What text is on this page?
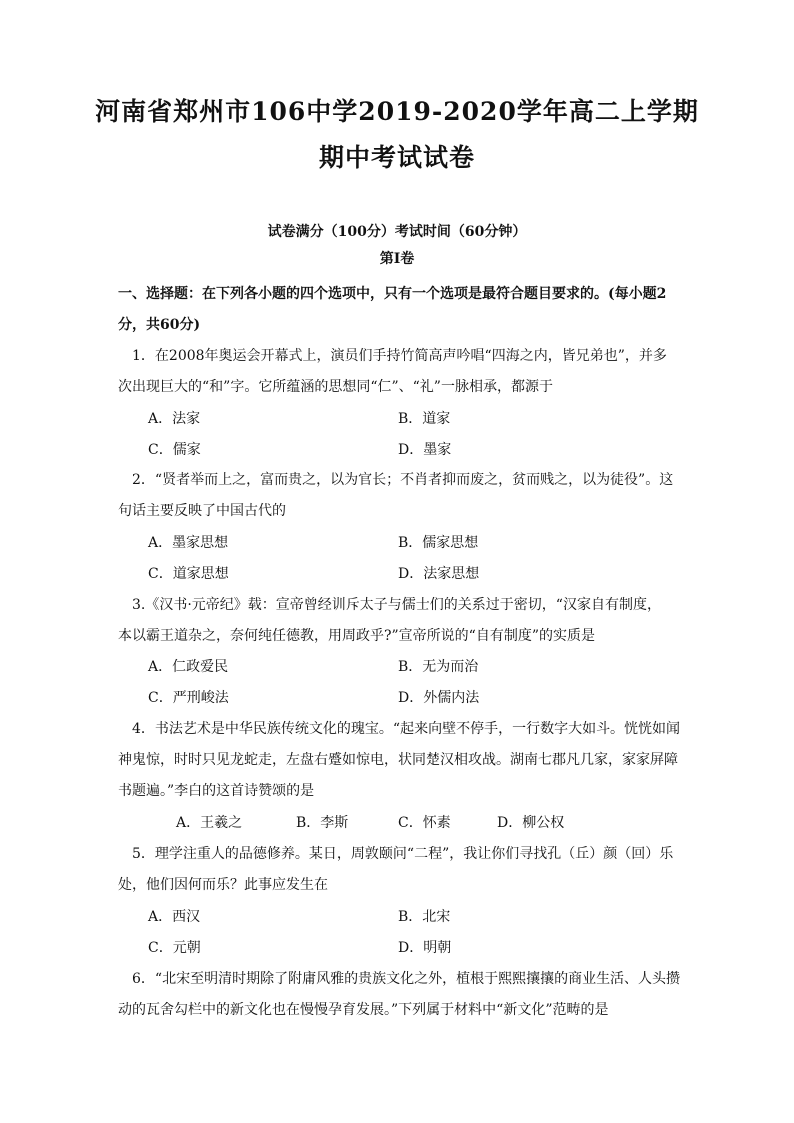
河南省郑州市106中学2019-2020学年高二上学期
期中考试试卷
试卷满分（100分）考试时间（60分钟）
第Ⅰ卷
一、选择题：在下列各小题的四个选项中，只有一个选项是最符合题目要求的。(每小题2
分，共60分)
1．在2008年奥运会开幕式上，演员们手持竹简高声吟唱“四海之内，皆兄弟也”，并多
次出现巨大的“和”字。它所蕴涵的思想同“仁”、“礼”一脉相承，都源于
A．法家	B．道家
C．儒家	D．墨家
2．“贤者举而上之，富而贵之，以为官长；不肖者抑而废之，贫而贱之，以为徒役”。这
句话主要反映了中国古代的
A．墨家思想	B．儒家思想
C．道家思想	D．法家思想
3.《汉书·元帝纪》载：宣帝曾经训斥太子与儒士们的关系过于密切，“汉家自有制度，
本以霸王道杂之，奈何纯任德教，用周政乎?”宣帝所说的“自有制度”的实质是
A．仁政爱民	B．无为而治
C．严刑峻法	D．外儒内法
4．书法艺术是中华民族传统文化的瑰宝。“起来向壁不停手，一行数字大如斗。恍恍如闻
神鬼惊，时时只见龙蛇走，左盘右蹙如惊电，状同楚汉相攻战。湖南七郡凡几家，家家屏障
书题遍。”李白的这首诗赞颂的是
A．王羲之	B．李斯	C．怀素	D．柳公权
5．理学注重人的品德修养。某日，周敦颐问“二程”，我让你们寻找孔（丘）颜（回）乐
处，他们因何而乐？此事应发生在
A．西汉	B．北宋
C．元朝	D．明朝
6．“北宋至明清时期除了附庸风雅的贵族文化之外，植根于熙熙攘攘的商业生活、人头攒
动的瓦舍勾栏中的新文化也在慢慢孕育发展。”下列属于材料中“新文化”范畴的是
